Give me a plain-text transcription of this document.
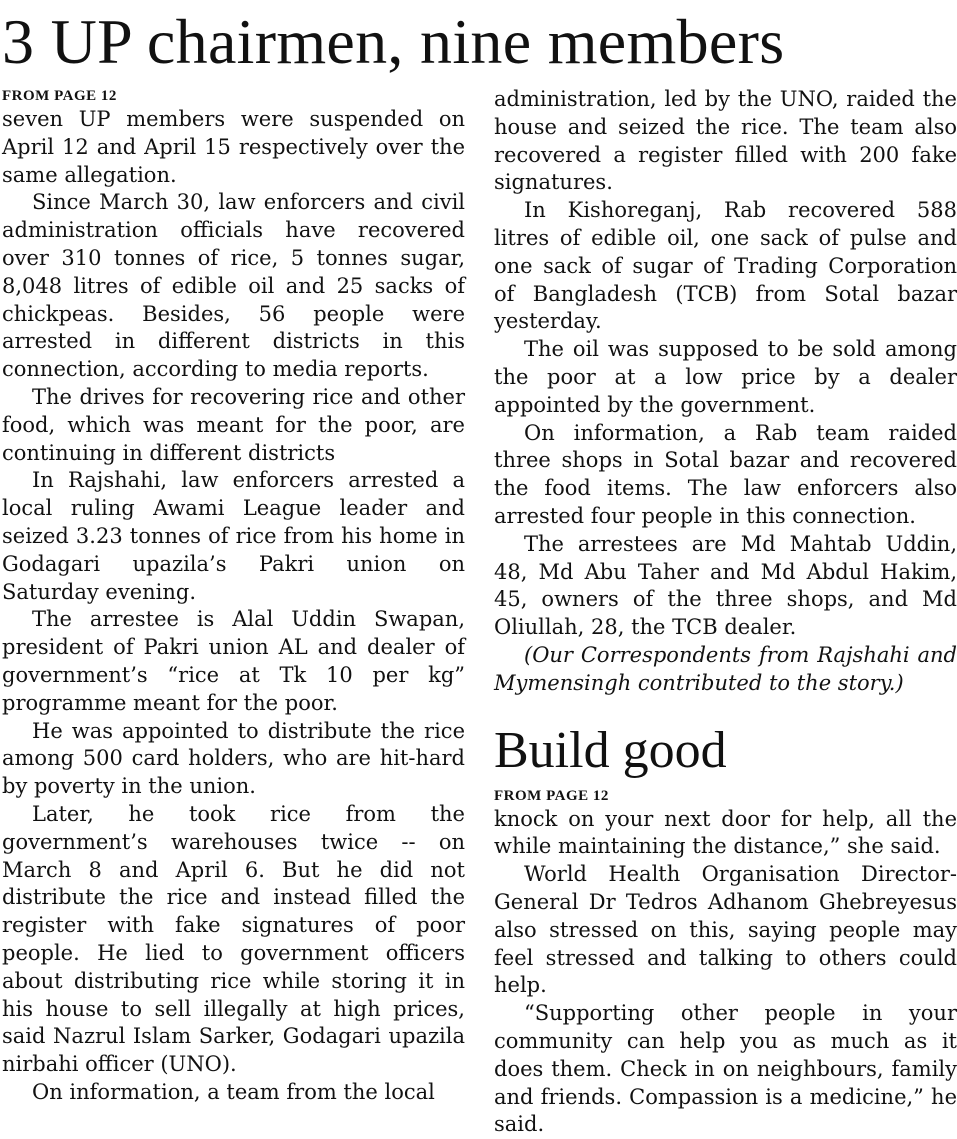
3 UP chairmen, nine members
FROM PAGE 12

seven UP members were suspended on April 12 and April 15 respectively over the same allegation.

Since March 30, law enforcers and civil administration officials have recovered over 310 tonnes of rice, 5 tonnes sugar, 8,048 litres of edible oil and 25 sacks of chickpeas. Besides, 56 people were arrested in different districts in this connection, according to media reports.

The drives for recovering rice and other food, which was meant for the poor, are continuing in different districts

In Rajshahi, law enforcers arrested a local ruling Awami League leader and seized 3.23 tonnes of rice from his home in Godagari upazila’s Pakri union on Saturday evening.

The arrestee is Alal Uddin Swapan, president of Pakri union AL and dealer of government’s “rice at Tk 10 per kg” programme meant for the poor.

He was appointed to distribute the rice among 500 card holders, who are hit-hard by poverty in the union.

Later, he took rice from the government’s warehouses twice -- on March 8 and April 6. But he did not distribute the rice and instead filled the register with fake signatures of poor people. He lied to government officers about distributing rice while storing it in his house to sell illegally at high prices, said Nazrul Islam Sarker, Godagari upazila nirbahi officer (UNO).

On information, a team from the local

administration, led by the UNO, raided the house and seized the rice. The team also recovered a register filled with 200 fake signatures.

In Kishoreganj, Rab recovered 588 litres of edible oil, one sack of pulse and one sack of sugar of Trading Corporation of Bangladesh (TCB) from Sotal bazar yesterday.

The oil was supposed to be sold among the poor at a low price by a dealer appointed by the government.

On information, a Rab team raided three shops in Sotal bazar and recovered the food items. The law enforcers also arrested four people in this connection.

The arrestees are Md Mahtab Uddin, 48, Md Abu Taher and Md Abdul Hakim, 45, owners of the three shops, and Md Oliullah, 28, the TCB dealer.

(Our Correspondents from Rajshahi and Mymensingh contributed to the story.)

Build good
FROM PAGE 12

knock on your next door for help, all the while maintaining the distance,” she said.

World Health Organisation Director-General Dr Tedros Adhanom Ghebreyesus also stressed on this, saying people may feel stressed and talking to others could help.

“Supporting other people in your community can help you as much as it does them. Check in on neighbours, family and friends. Compassion is a medicine,” he said.
